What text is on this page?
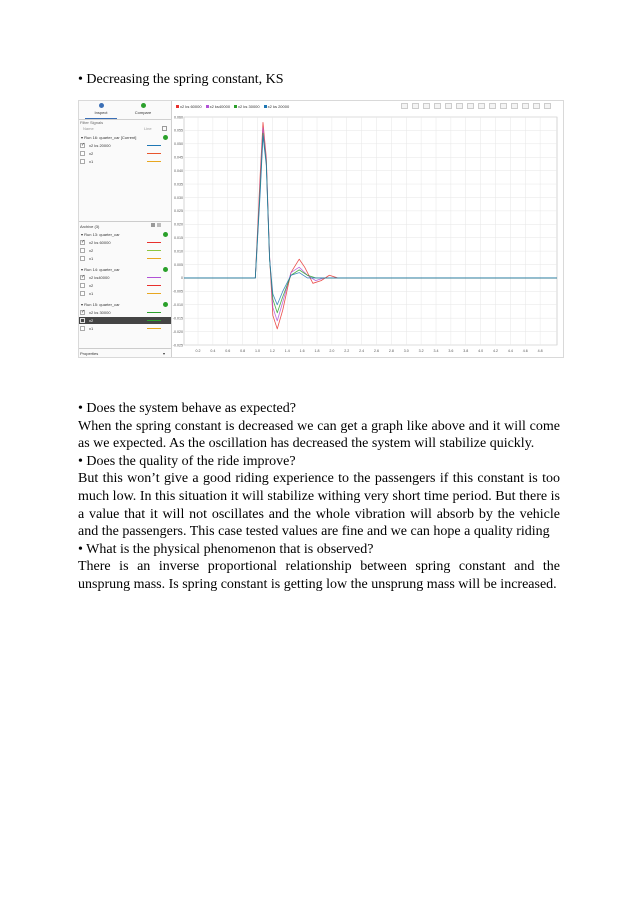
• Decreasing the spring constant, KS
Inspect	Compare
Filter Signals
Name	Line
▾ Run 16: quarter_car [Current]
✓
x2 ks 20000
x2
x1
Archive (3)
▾ Run 13: quarter_car
✓
x2 ks 60000
x2
x1
▾ Run 14: quarter_car
✓
x2 ks40000
x2
x1
▾ Run 15: quarter_car
✓
x2 ks 30000
x2
x1
Properties	▾
0.060
0.055
0.050
0.045
0.040
0.035
0.030
0.025
0.020
0.015
0.010
0.005
0
-0.005
-0.010
-0.015
-0.020
-0.025
0.2	0.4	0.6	0.8	1.0	1.2	1.4	1.6	1.8	2.0	2.2	2.4	2.6	2.8	3.0	3.2	3.4	3.6	3.8	4.0	4.2	4.4	4.6	4.8
x2 ks 60000 x2 ks40000 x2 ks 30000 x2 ks 20000

• Does the system behave as expected?

When the spring constant is decreased we can get a graph like above and it will come as we expected. As the oscillation has decreased the system will stabilize quickly.

• Does the quality of the ride improve?

But this won’t give a good riding experience to the passengers if this constant is too much low. In this situation it will stabilize withing very short time period. But there is a value that it will not oscillates and the whole vibration will absorb by the vehicle and the passengers. This case tested values are fine and we can hope a quality riding

• What is the physical phenomenon that is observed?

There is an inverse proportional relationship between spring constant and the unsprung mass. Is spring constant is getting low the unsprung mass will be increased.
